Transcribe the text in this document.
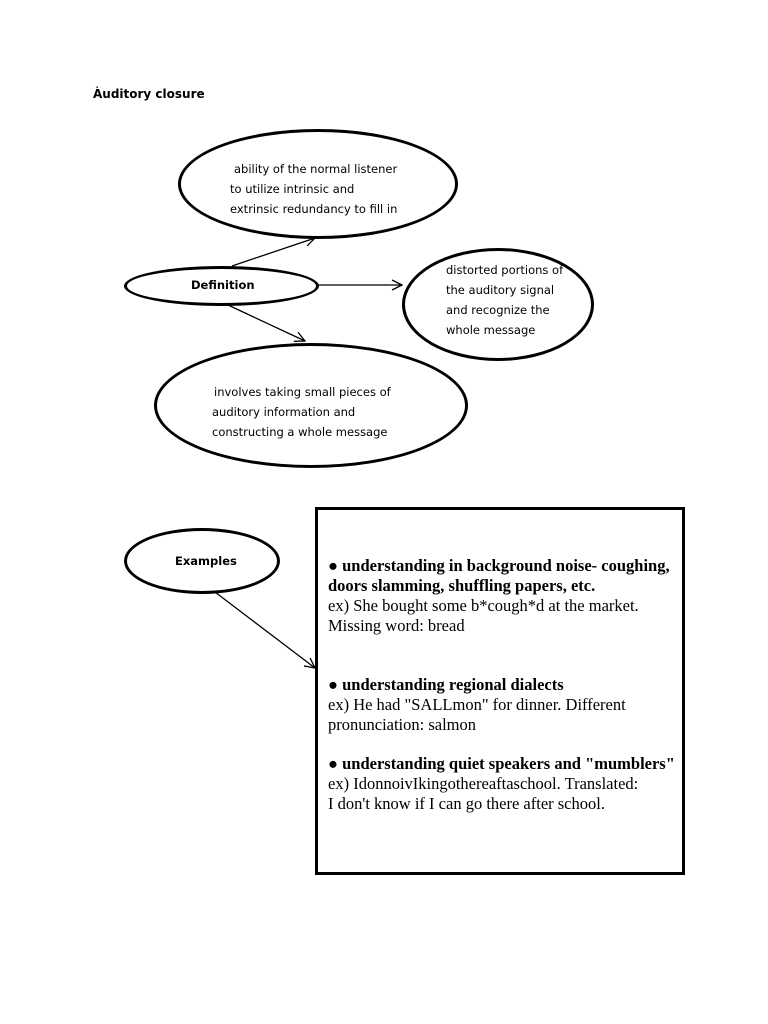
Àuditory closure
ability of the normal listener
to utilize intrinsic and
extrinsic redundancy to fill in
Definition
distorted portions of
the auditory signal
and recognize the
whole message
involves taking small pieces of
auditory information and
constructing a whole message
Examples	● understanding in background noise- coughing, doors slamming, shuffling papers, etc.
ex) She bought some b*cough*d at the market.
Missing word: bread
● understanding regional dialects
ex) He had "SALLmon" for dinner. Different pronunciation: salmon
● understanding quiet speakers and "mumblers"
ex) IdonnoivIkingothereaftaschool. Translated:
I don't know if I can go there after school.
